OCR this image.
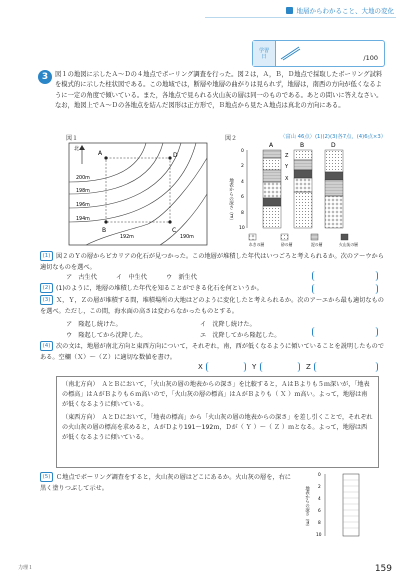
地層からわかること、大地の変化
学習
日	/100
3	図１の地図に示したＡ～Ｄの４地点でボーリング調査を行った。図２は，Ａ，Ｂ，Ｄ地点で採取したボーリング試料を模式的に示した柱状図である。この地域では，断層や地層の曲がりは見られず，地層は，南西の方向が低くなるように一定の角度で傾いている。また，各地点で見られる火山灰の層は同一のものである。あとの問いに答えなさい。なお，地図上でＡ～Ｄの各地点を結んだ図形は正方形で，Ｂ地点から見たＡ地点は真北の方向にある。
〈富山 46点〉(1)(2)(3)各7点，(4)6点×3）
図１	図２
北
200m
198m
196m
194m
192m	190m
A
B	C
D
地表からの深さ（m）
0
2
4
6
8
10
A	B	D
Z
Y
X
れきの層	砂の層	泥の層	火山灰の層
(1) 図２のＹの層からビカリアの化石が見つかった。この地層が堆積した年代はいつごろと考えられるか。次のア～ウから適切なものを選べ。
ア　古生代	イ　中生代	ウ　新生代
(2) (1)のように，地層の堆積した年代を知ることができる化石を何というか。
(3) Ｘ，Ｙ，Ｚの層が堆積する間，堆積場所の大地はどのように変化したと考えられるか。次のア～エから最も適切なものを選べ。ただし，この間，海水面の高さは変わらなかったものとする。
ア　隆起し続けた。	イ　沈降し続けた。
ウ　隆起してから沈降した。	エ　沈降してから隆起した。
(4) 次の文は，地層が南北方向と東西方向について，それぞれ，南，西が低くなるように傾いていることを説明したものである。空欄（Ｘ）～（Ｚ）に適切な数値を書け。
X	Y	Z
（南北方向）　ＡとＢにおいて，「火山灰の層の地表からの深さ」を比較すると，ＡはＢよりも５ｍ深いが，「地表の標高」はＡがＢよりも６ｍ高いので，「火山灰の層の標高」はＡがＢよりも（ Ｘ ）ｍ高い。よって，地層は南が低くなるように傾いている。
（東西方向）　ＡとＤにおいて，「地表の標高」から「火山灰の層の地表からの深さ」を差し引くことで，それぞれの火山灰の層の標高を求めると，ＡがＤより191～192ｍ，Ｄが（ Ｙ ）～（ Ｚ ）ｍとなる。よって，地層は西が低くなるように傾いている。
(5) Ｃ地点でボーリング調査をすると，火山灰の層はどこにあるか。火山灰の層を，右に黒く塗りつぶして示せ。	地表からの深さ（m）
0
2
4
6
8
10
力理１	159
